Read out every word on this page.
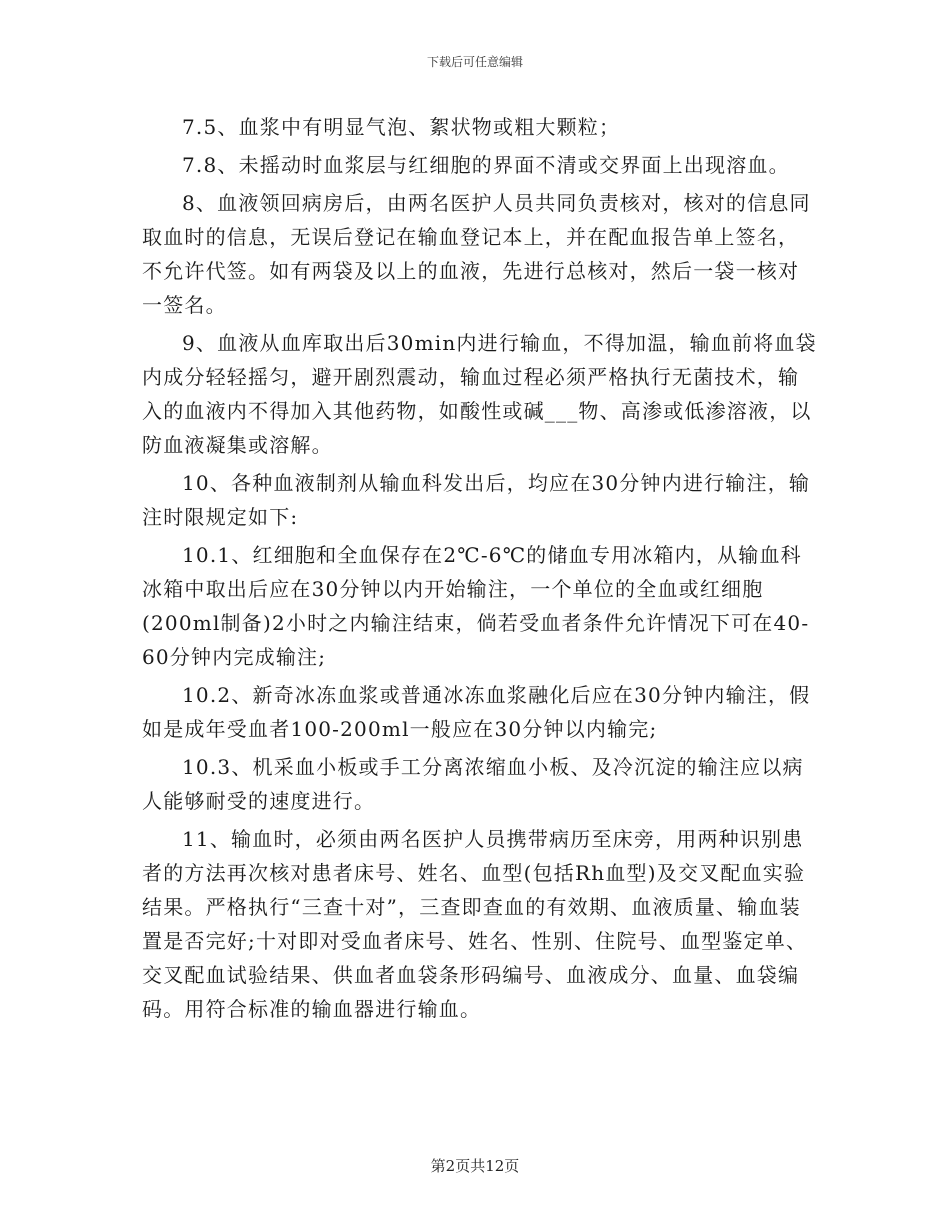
下载后可任意编辑

7.5、血浆中有明显气泡、絮状物或粗大颗粒；

7.8、未摇动时血浆层与红细胞的界面不清或交界面上出现溶血。

8、血液领回病房后，由两名医护人员共同负责核对，核对的信息同取血时的信息，无误后登记在输血登记本上，并在配血报告单上签名，不允许代签。如有两袋及以上的血液，先进行总核对，然后一袋一核对一签名。

9、血液从血库取出后30min内进行输血，不得加温，输血前将血袋内成分轻轻摇匀，避开剧烈震动，输血过程必须严格执行无菌技术，输入的血液内不得加入其他药物，如酸性或碱___物、高渗或低渗溶液，以防血液凝集或溶解。

10、各种血液制剂从输血科发出后，均应在30分钟内进行输注，输注时限规定如下:

10.1、红细胞和全血保存在2℃-6℃的储血专用冰箱内，从输血科冰箱中取出后应在30分钟以内开始输注，一个单位的全血或红细胞(200ml制备)2小时之内输注结束，倘若受血者条件允许情况下可在40-60分钟内完成输注;

10.2、新奇冰冻血浆或普通冰冻血浆融化后应在30分钟内输注，假如是成年受血者100-200ml一般应在30分钟以内输完;

10.3、机采血小板或手工分离浓缩血小板、及冷沉淀的输注应以病人能够耐受的速度进行。

11、输血时，必须由两名医护人员携带病历至床旁，用两种识别患者的方法再次核对患者床号、姓名、血型(包括Rh血型)及交叉配血实验结果。严格执行“三查十对”，三查即查血的有效期、血液质量、输血装置是否完好;十对即对受血者床号、姓名、性别、住院号、血型鉴定单、交叉配血试验结果、供血者血袋条形码编号、血液成分、血量、血袋编码。用符合标准的输血器进行输血。

第2页共12页
